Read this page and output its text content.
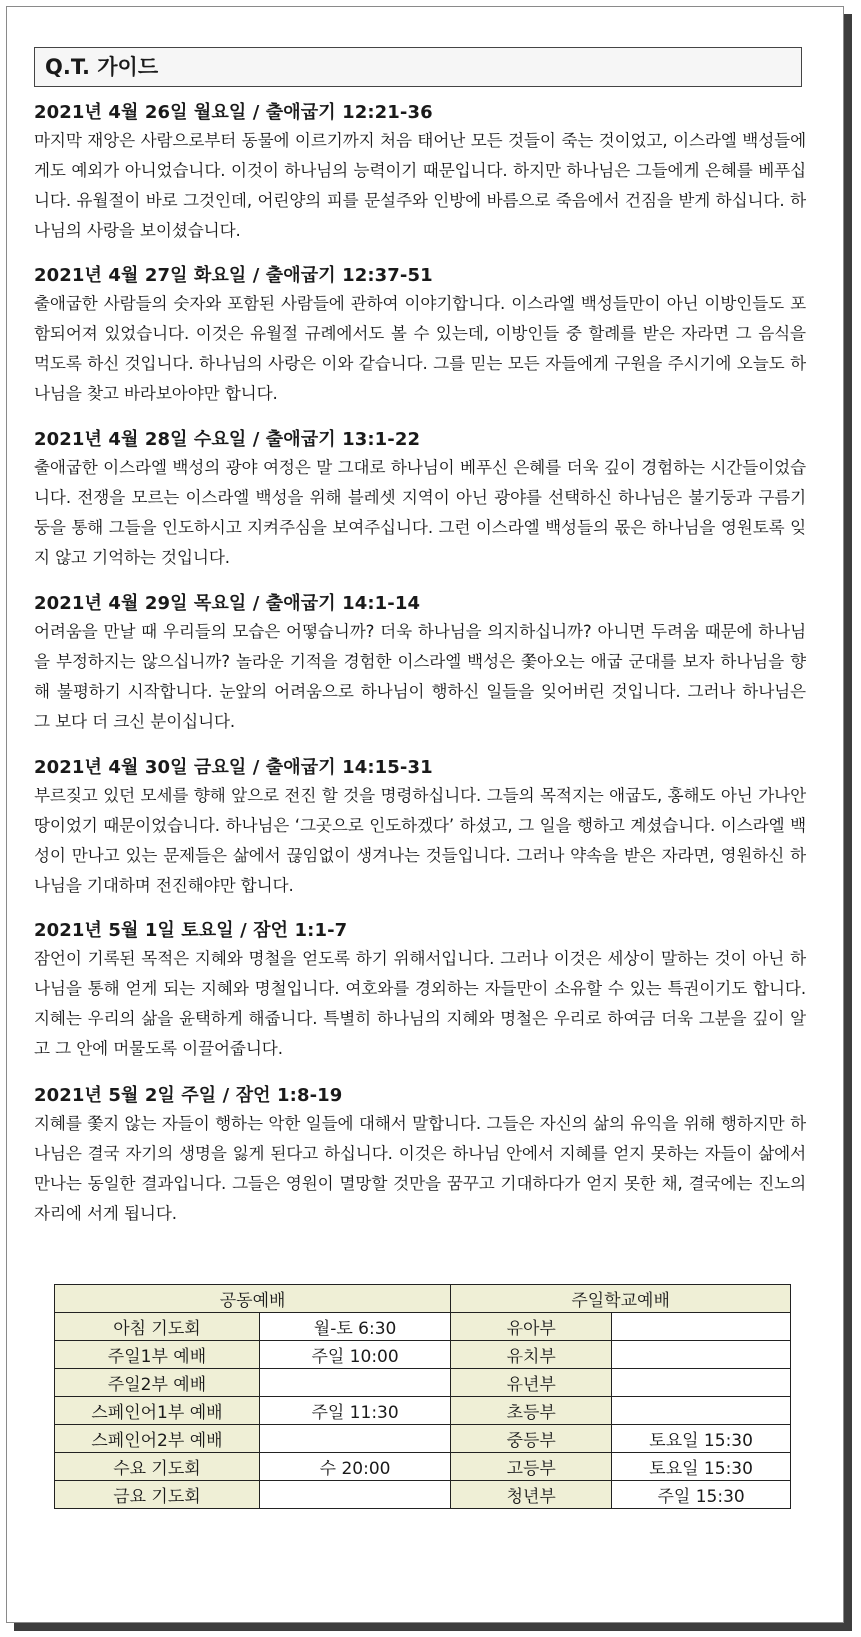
Q.T. 가이드
2021년 4월 26일 월요일 / 출애굽기 12:21-36

마지막 재앙은 사람으로부터 동물에 이르기까지 처음 태어난 모든 것들이 죽는 것이었고, 이스라엘 백성들에게도 예외가 아니었습니다. 이것이 하나님의 능력이기 때문입니다. 하지만 하나님은 그들에게 은혜를 베푸십니다. 유월절이 바로 그것인데, 어린양의 피를 문설주와 인방에 바름으로 죽음에서 건짐을 받게 하십니다. 하나님의 사랑을 보이셨습니다.

2021년 4월 27일 화요일 / 출애굽기 12:37-51

출애굽한 사람들의 숫자와 포함된 사람들에 관하여 이야기합니다. 이스라엘 백성들만이 아닌 이방인들도 포함되어져 있었습니다. 이것은 유월절 규례에서도 볼 수 있는데, 이방인들 중 할례를 받은 자라면 그 음식을 먹도록 하신 것입니다. 하나님의 사랑은 이와 같습니다. 그를 믿는 모든 자들에게 구원을 주시기에 오늘도 하나님을 찾고 바라보아야만 합니다.

2021년 4월 28일 수요일 / 출애굽기 13:1-22

출애굽한 이스라엘 백성의 광야 여정은 말 그대로 하나님이 베푸신 은혜를 더욱 깊이 경험하는 시간들이었습니다. 전쟁을 모르는 이스라엘 백성을 위해 블레셋 지역이 아닌 광야를 선택하신 하나님은 불기둥과 구름기둥을 통해 그들을 인도하시고 지켜주심을 보여주십니다. 그런 이스라엘 백성들의 몫은 하나님을 영원토록 잊지 않고 기억하는 것입니다.

2021년 4월 29일 목요일 / 출애굽기 14:1-14

어려움을 만날 때 우리들의 모습은 어떻습니까? 더욱 하나님을 의지하십니까? 아니면 두려움 때문에 하나님을 부정하지는 않으십니까? 놀라운 기적을 경험한 이스라엘 백성은 쫓아오는 애굽 군대를 보자 하나님을 향해 불평하기 시작합니다. 눈앞의 어려움으로 하나님이 행하신 일들을 잊어버린 것입니다. 그러나 하나님은 그 보다 더 크신 분이십니다.

2021년 4월 30일 금요일 / 출애굽기 14:15-31

부르짖고 있던 모세를 향해 앞으로 전진 할 것을 명령하십니다. 그들의 목적지는 애굽도, 홍해도 아닌 가나안 땅이었기 때문이었습니다. 하나님은 ‘그곳으로 인도하겠다’ 하셨고, 그 일을 행하고 계셨습니다. 이스라엘 백성이 만나고 있는 문제들은 삶에서 끊임없이 생겨나는 것들입니다. 그러나 약속을 받은 자라면, 영원하신 하나님을 기대하며 전진해야만 합니다.

2021년 5월 1일 토요일 / 잠언 1:1-7

잠언이 기록된 목적은 지혜와 명철을 얻도록 하기 위해서입니다. 그러나 이것은 세상이 말하는 것이 아닌 하나님을 통해 얻게 되는 지혜와 명철입니다. 여호와를 경외하는 자들만이 소유할 수 있는 특권이기도 합니다. 지혜는 우리의 삶을 윤택하게 해줍니다. 특별히 하나님의 지혜와 명철은 우리로 하여금 더욱 그분을 깊이 알고 그 안에 머물도록 이끌어줍니다.

2021년 5월 2일 주일 / 잠언 1:8-19

지혜를 쫓지 않는 자들이 행하는 악한 일들에 대해서 말합니다. 그들은 자신의 삶의 유익을 위해 행하지만 하나님은 결국 자기의 생명을 잃게 된다고 하십니다. 이것은 하나님 안에서 지혜를 얻지 못하는 자들이 삶에서 만나는 동일한 결과입니다. 그들은 영원이 멸망할 것만을 꿈꾸고 기대하다가 얻지 못한 채, 결국에는 진노의 자리에 서게 됩니다.

공동예배		주일학교예배	
아침 기도회	월-토 6:30	유아부	
주일1부 예배	주일 10:00	유치부	
주일2부 예배		유년부	
스페인어1부 예배	주일 11:30	초등부	
스페인어2부 예배		중등부	토요일 15:30
수요 기도회	수 20:00	고등부	토요일 15:30
금요 기도회		청년부	주일 15:30
